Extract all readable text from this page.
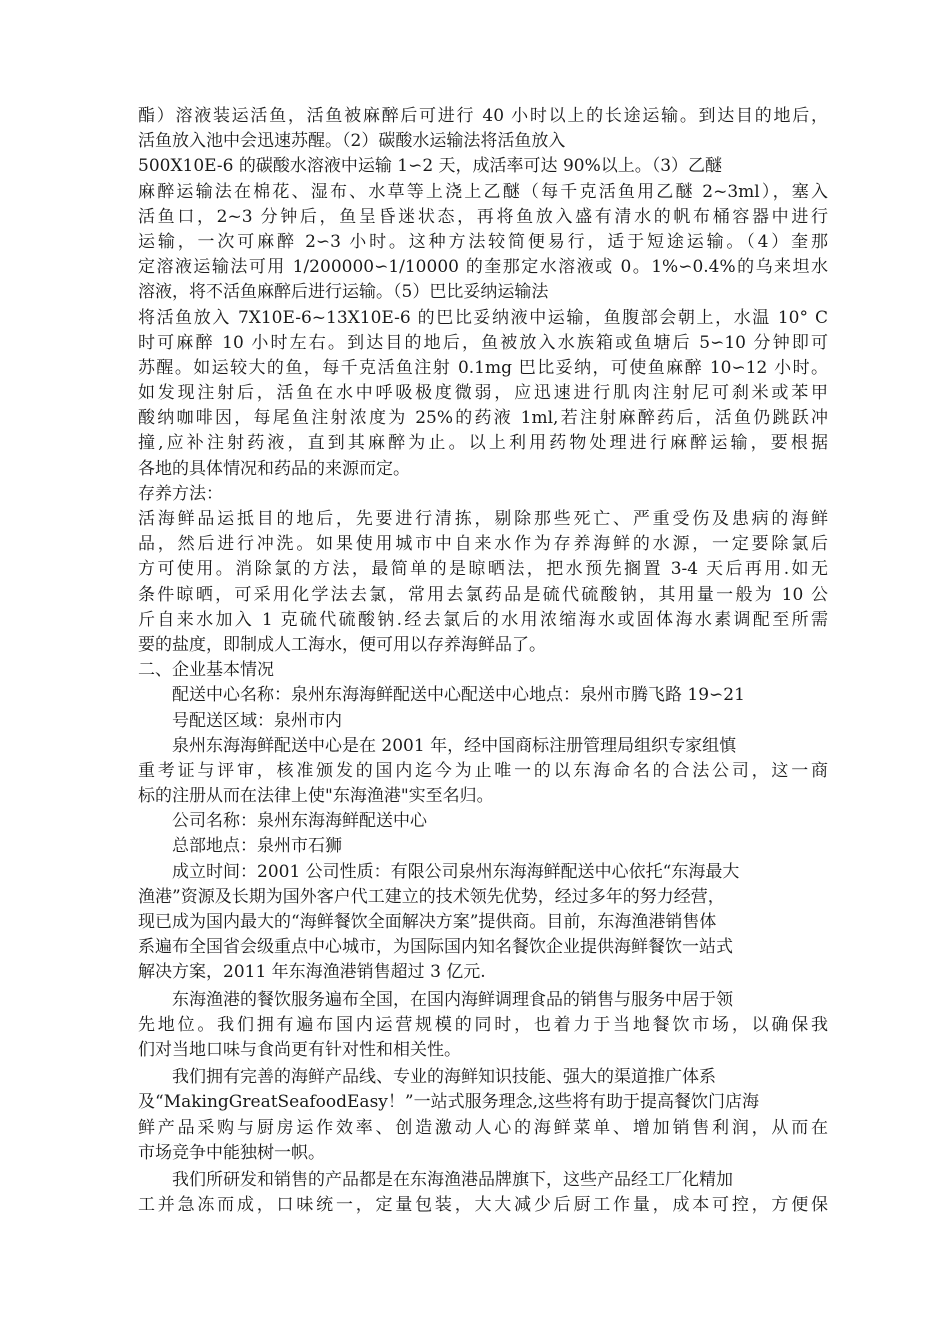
酯）溶液装运活鱼，活鱼被麻醉后可进行 40 小时以上的长途运输。到达目的地后，
活鱼放入池中会迅速苏醒。（2）碳酸水运输法将活鱼放入
500X10E-6 的碳酸水溶液中运输 1∽2 天，成活率可达 90%以上。（3）乙醚
麻醉运输法在棉花、湿布、水草等上浇上乙醚（每千克活鱼用乙醚 2~3ml），塞入
活鱼口，2~3 分钟后，鱼呈昏迷状态，再将鱼放入盛有清水的帆布桶容器中进行
运输，一次可麻醉 2∽3 小时。这种方法较简便易行，适于短途运输。（4）奎那
定溶液运输法可用 1/200000∽1/10000 的奎那定水溶液或 0。1%∽0.4%的乌来坦水
溶液，将不活鱼麻醉后进行运输。（5）巴比妥纳运输法
将活鱼放入 7X10E-6~13X10E-6 的巴比妥纳液中运输，鱼腹部会朝上，水温 10° C
时可麻醉 10 小时左右。到达目的地后，鱼被放入水族箱或鱼塘后 5∽10 分钟即可
苏醒。如运较大的鱼，每千克活鱼注射 0.1mg 巴比妥纳，可使鱼麻醉 10∽12 小时。
如发现注射后，活鱼在水中呼吸极度微弱，应迅速进行肌肉注射尼可刹米或苯甲
酸纳咖啡因，每尾鱼注射浓度为 25%的药液 1ml,若注射麻醉药后，活鱼仍跳跃冲
撞,应补注射药液，直到其麻醉为止。以上利用药物处理进行麻醉运输，要根据
各地的具体情况和药品的来源而定。
存养方法：
活海鲜品运抵目的地后，先要进行清拣，剔除那些死亡、严重受伤及患病的海鲜
品，然后进行冲洗。如果使用城市中自来水作为存养海鲜的水源，一定要除氯后
方可使用。消除氯的方法，最简单的是晾晒法，把水预先搁置 3-4 天后再用.如无
条件晾晒，可采用化学法去氯，常用去氯药品是硫代硫酸钠，其用量一般为 10 公
斤自来水加入 1 克硫代硫酸钠.经去氯后的水用浓缩海水或固体海水素调配至所需
要的盐度，即制成人工海水，便可用以存养海鲜品了。
二、企业基本情况
配送中心名称：泉州东海海鲜配送中心配送中心地点：泉州市腾飞路 19∽21
号配送区域：泉州市内
泉州东海海鲜配送中心是在 2001 年，经中国商标注册管理局组织专家组慎
重考证与评审，核准颁发的国内迄今为止唯一的以东海命名的合法公司，这一商
标的注册从而在法律上使"东海渔港"实至名归。
公司名称：泉州东海海鲜配送中心
总部地点：泉州市石狮
成立时间：2001 公司性质：有限公司泉州东海海鲜配送中心依托“东海最大
渔港”资源及长期为国外客户代工建立的技术领先优势，经过多年的努力经营，
现已成为国内最大的“海鲜餐饮全面解决方案”提供商。目前，东海渔港销售体
系遍布全国省会级重点中心城市，为国际国内知名餐饮企业提供海鲜餐饮一站式
解决方案，2011 年东海渔港销售超过 3 亿元.
东海渔港的餐饮服务遍布全国，在国内海鲜调理食品的销售与服务中居于领
先地位。我们拥有遍布国内运营规模的同时，也着力于当地餐饮市场，以确保我
们对当地口味与食尚更有针对性和相关性。
我们拥有完善的海鲜产品线、专业的海鲜知识技能、强大的渠道推广体系
及“MakingGreatSeafoodEasy！”一站式服务理念,这些将有助于提高餐饮门店海
鲜产品采购与厨房运作效率、创造激动人心的海鲜菜单、增加销售利润，从而在
市场竞争中能独树一帜。
我们所研发和销售的产品都是在东海渔港品牌旗下，这些产品经工厂化精加
工并急冻而成，口味统一，定量包装，大大减少后厨工作量，成本可控，方便保
